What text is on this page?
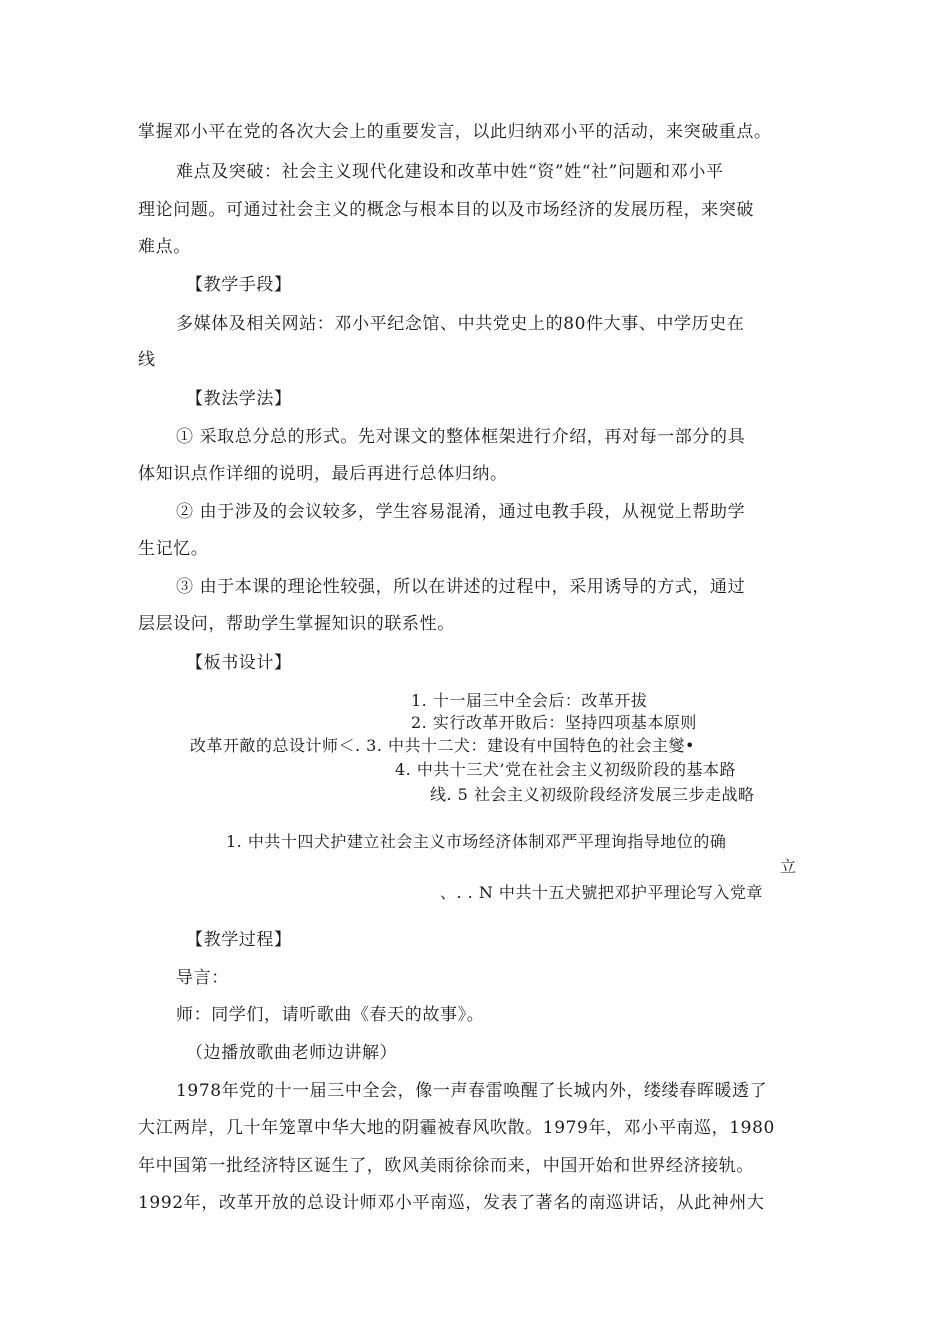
掌握邓小平在党的各次大会上的重要发言，以此归纳邓小平的活动，来突破重点。
难点及突破：社会主义现代化建设和改革中姓“资”姓“社”问题和邓小平
理论问题。可通过社会主义的概念与根本目的以及市场经济的发展历程，来突破
难点。
【教学手段】
多媒体及相关网站：邓小平纪念馆、中共党史上的80件大事、中学历史在
线
【教法学法】
① 采取总分总的形式。先对课文的整体框架进行介绍，再对每一部分的具
体知识点作详细的说明，最后再进行总体归纳。
② 由于涉及的会议较多，学生容易混淆，通过电教手段，从视觉上帮助学
生记忆。
③ 由于本课的理论性较强，所以在讲述的过程中，采用诱导的方式，通过
层层设问，帮助学生掌握知识的联系性。
【板书设计】
1. 十一届三中全会后：改革开拔
2. 实行改革开敗后：坚持四项基本原则
改革开敵的总设计师＜. 3. 中共十二犬：建设有中国特色的社会主燮•
4. 中共十三犬’党在社会主义初级阶段的基本路
线. 5 社会主义初级阶段经济发展三步走战略
1. 中共十四犬护建立社会主义市场经济体制邓严平理询指导地位的确
立
、. . N 中共十五犬號把邓护平理论写入党章
【教学过程】
导言：
师：同学们，请听歌曲《春天的故事》。
（边播放歌曲老师边讲解）
1978年党的十一届三中全会，像一声春雷唤醒了长城内外，缕缕春晖暖透了
大江两岸，几十年笼罩中华大地的阴霾被春风吹散。1979年，邓小平南巡，1980
年中国第一批经济特区诞生了，欧风美雨徐徐而来，中国开始和世界经济接轨。
1992年，改革开放的总设计师邓小平南巡，发表了著名的南巡讲话，从此神州大
